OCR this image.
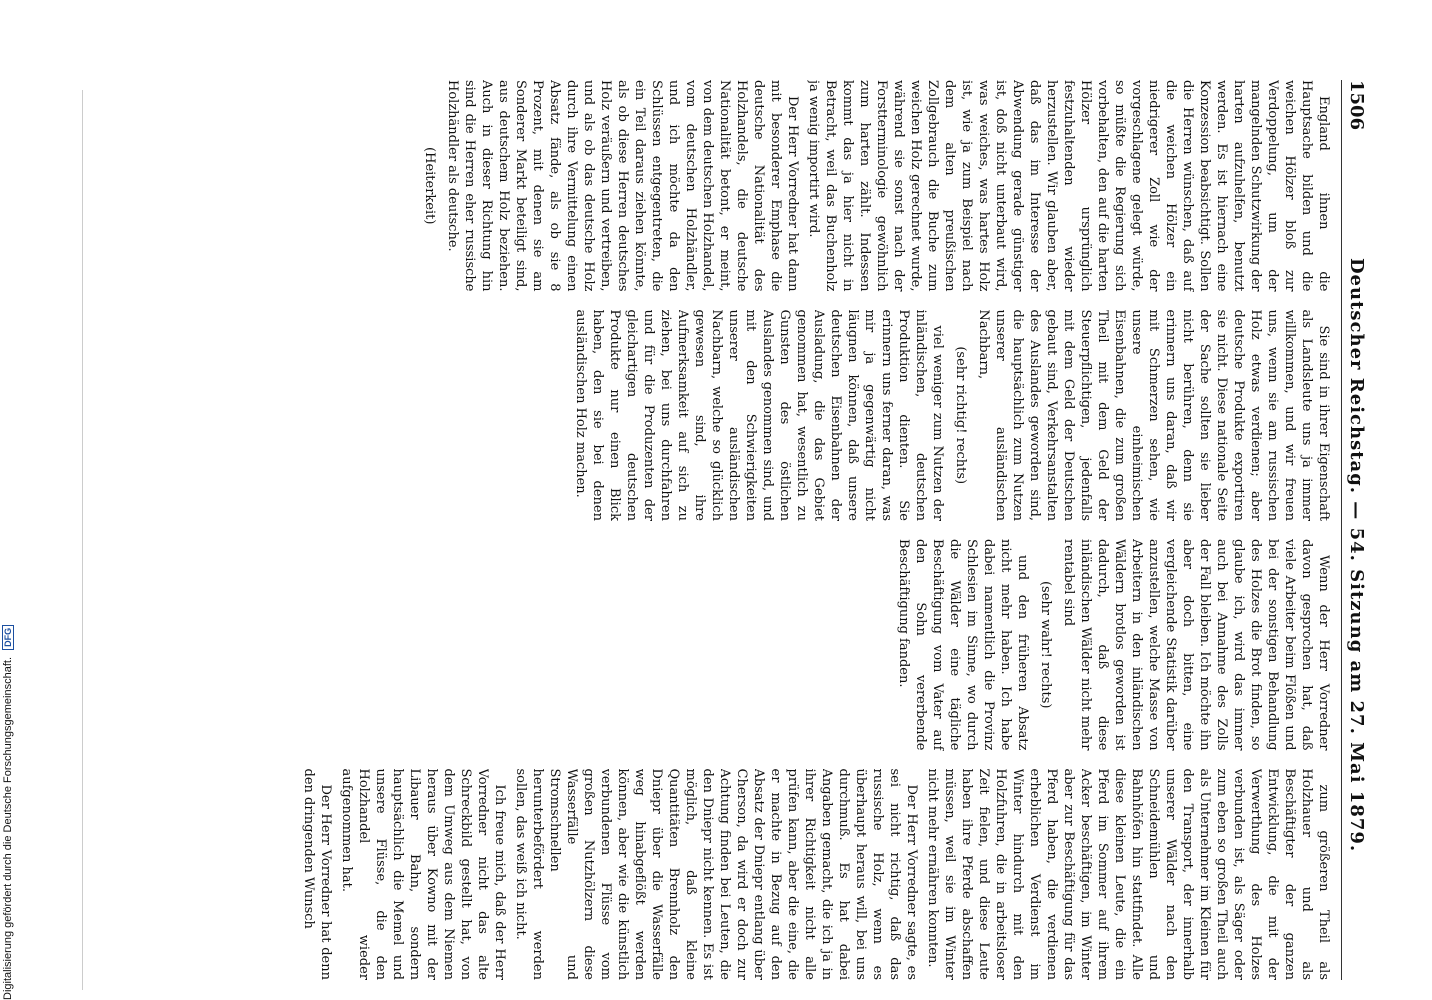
1506
Deutscher Reichstag. — 54. Sitzung am 27. Mai 1879.

England ihnen die Hauptsache bilden und die weichen Hölzer bloß zur Verdoppelung, um der mangelnden Schutzwirkung der harten aufzuhelfen, benutzt werden. Es ist hiernach eine Konzession beabsichtigt. Sollen die Herren wünschen, daß auf die weichen Hölzer ein niedrigerer Zoll wie der vorgeschlagene gelegt würde, so müßte die Regierung sich vorbehalten, den auf die harten Hölzer ursprünglich festzuhaltenden wieder herzustellen. Wir glauben aber, daß das im Interesse der Abwendung gerade günstiger ist, doß nicht unterbaut wird, was weiches, was hartes Holz ist, wie ja zum Beispiel nach dem alten preußischen Zollgebrauch die Buche zum weichen Holz gerechnet wurde, während sie sonst nach der Forstterminologie gewöhnlich zum harten zählt. Indessen kommt das ja hier nicht in Betracht, weil das Buchenholz ja wenig importirt wird.

Der Herr Vorredner hat dann mit besonderer Emphase die deutsche Nationalität des Holzhandels, die deutsche Nationalität betont, er meint, von dem deutschen Holzhandel, vom deutschen Holzhändler, und ich möchte da den Schlüssen entgegentreten, die ein Teil daraus ziehen könnte, als ob diese Herren deutsches Holz veräußern und vertreiben, und als ob das deutsche Holz durch ihre Vermittelung einen Absatz fände, als ob sie 8 Prozent, mit denen sie am Sonderer Markt beteiligt sind, aus deutschem Holz beziehen. Auch in dieser Richtung hin sind die Herren eher russische Holzhändler als deutsche.

(Heiterkeit)

Sie sind in ihrer Eigenschaft als Landsleute uns ja immer willkommen, und wir freuen uns, wenn sie am russischen Holz etwas verdienen; aber deutsche Produkte exportiren sie nicht. Diese nationale Seite der Sache sollten sie lieber nicht berühren, denn sie erinnern uns daran, daß wir mit Schmerzen sehen, wie unsere einheimischen Eisenbahnen, die zum großen Theil mit dem Geld der Steuerpflichtigen, jedenfalls mit dem Geld der Deutschen gebaut sind, Verkehrsanstalten des Auslandes geworden sind, die hauptsächlich zum Nutzen unserer ausländischen Nachbarn,

(sehr richtig! rechts)

viel weniger zum Nutzen der inländischen, deutschen Produktion dienten. Sie erinnern uns ferner daran, was mir ja gegenwärtig nicht läugnen können, daß unsere deutschen Eisenbahnen der Ausladung, die das Gebiet genommen hat, wesentlich zu Gunsten des östlichen Auslandes genommen sind, und mit den Schwierigkeiten unserer ausländischen Nachbarn, welche so glücklich gewesen sind, ihre Aufmerksamkeit auf sich zu ziehen, bei uns durchfahren und für die Produzenten der gleichartigen deutschen Produkte nur einen Blick haben, den sie bei denen ausländischen Holz machen.

Wenn der Herr Vorredner davon gesprochen hat, daß viele Arbeiter beim Flößen und bei der sonstigen Behandlung des Holzes die Brot finden, so glaube ich, wird das immer auch bei Annahme des Zolls der Fall bleiben. Ich möchte ihn aber doch bitten, eine vergleichende Statistik darüber anzustellen, welche Masse von Arbeitern in den inländischen Wäldern brotlos geworden ist dadurch, daß diese inländischen Wälder nicht mehr rentabel sind

(sehr wahr! rechts)

und den früheren Absatz nicht mehr haben. Ich habe dabei namentlich die Provinz Schlesien im Sinne, wo durch die Wälder eine tägliche Beschäftigung vom Vater auf den Sohn vererbende Beschäftigung fanden.

zum größeren Theil als Holzhauer und als Beschäftigter der ganzen Entwicklung, die mit der Verwerthung des Holzes verbunden ist, als Säger oder zum eben so großen Theil auch als Unternehmer im Kleinen für den Transport, der innerhalb unserer Wälder nach den Schneidemühlen und Bahnhöfen hin stattfindet. Alle diese kleinen Leute, die ein Pferd im Sommer auf ihrem Acker beschäftigen, im Winter aber zur Beschäftigung für das Pferd haben, die verdienen erheblichen Verdienst im Winter hindurch mit den Holzfuhren, die in arbeitsloser Zeit fielen, und diese Leute haben ihre Pferde abschaffen müssen, weil sie im Winter nicht mehr ernähren konnten.

Der Herr Vorredner sagte, es sei nicht richtig, daß das russische Holz, wenn es überhaupt heraus will, bei uns durchmuß. Es hat dabei Angaben gemacht, die ich ja in ihrer Richtigkeit nicht alle prüfen kann, aber die eine, die er machte in Bezug auf den Absatz der Dniepr entlang über Cherson, da wird er doch zur Achtung finden bei Leuten, die den Dniepr nicht kennen. Es ist möglich, daß kleine Quantitäten Brennholz den Dniepr über die Wasserfälle weg hinabgeflößt werden können, aber wie die künstlich verbundenen Flüsse vom großen Nutzhölzern diese Wasserfälle und Stromschnellen herunterbefördert werden sollen, das weiß ich nicht.

Ich freue mich, daß der Herr Vorredner nicht das alte Schreckbild gestellt hat, von dem Umweg aus dem Niemen heraus über Kowno mit der Libauer Bahn, sondern hauptsächlich die Memel und unsere Flüsse, die den Holzhandel wieder aufgenommen hat.

Der Herr Vorredner hat denn den dringenden Wunsch

Digitalisierung gefördert durch die Deutsche Forschungsgemeinschaft. DFG
